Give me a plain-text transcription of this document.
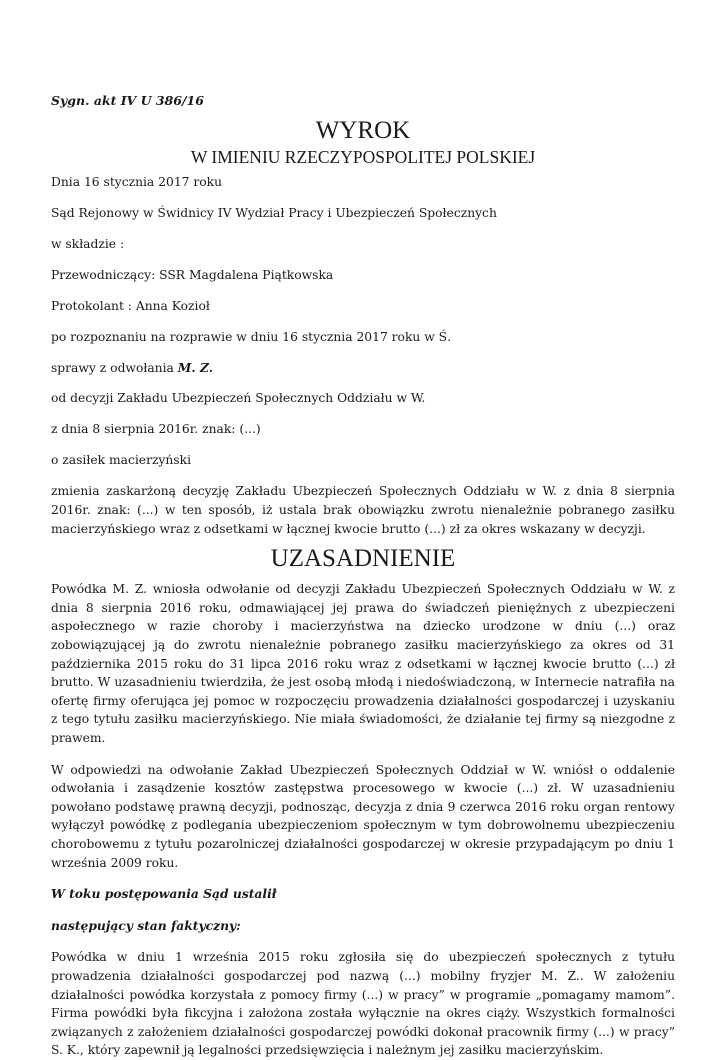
Sygn. akt IV U 386/16

WYROK

W IMIENIU RZECZYPOSPOLITEJ POLSKIEJ

Dnia 16 stycznia 2017 roku

Sąd Rejonowy w Świdnicy IV Wydział Pracy i Ubezpieczeń Społecznych

w składzie :

Przewodniczący: SSR Magdalena Piątkowska

Protokolant : Anna Kozioł

po rozpoznaniu na rozprawie w dniu 16 stycznia 2017 roku w Ś.

sprawy z odwołania M. Z.

od decyzji Zakładu Ubezpieczeń Społecznych Oddziału w W.

z dnia 8 sierpnia 2016r. znak: (...)

o zasiłek macierzyński

zmienia zaskarżoną decyzję Zakładu Ubezpieczeń Społecznych Oddziału w W. z dnia 8 sierpnia 2016r. znak: (...) w ten sposób, iż ustala brak obowiązku zwrotu nienależnie pobranego zasiłku macierzyńskiego wraz z odsetkami w łącznej kwocie brutto (...) zł za okres wskazany w decyzji.

UZASADNIENIE

Powódka M. Z. wniosła odwołanie od decyzji Zakładu Ubezpieczeń Społecznych Oddziału w W. z dnia 8 sierpnia 2016 roku, odmawiającej jej prawa do świadczeń pieniężnych z ubezpieczeni aspołecznego w razie choroby i macierzyństwa na dziecko urodzone w dniu (...) oraz zobowiązującej ją do zwrotu nienależnie pobranego zasiłku macierzyńskiego za okres od 31 października 2015 roku do 31 lipca 2016 roku wraz z odsetkami w łącznej kwocie brutto (...) zł brutto. W uzasadnieniu twierdziła, że jest osobą młodą i niedoświadczoną, w Internecie natrafiła na ofertę firmy oferująca jej pomoc w rozpoczęciu prowadzenia działalności gospodarczej i uzyskaniu z tego tytułu zasiłku macierzyńskiego. Nie miała świadomości, że działanie tej firmy są niezgodne z prawem.

W odpowiedzi na odwołanie Zakład Ubezpieczeń Społecznych Oddział w W. wniósł o oddalenie odwołania i zasądzenie kosztów zastępstwa procesowego w kwocie (...) zł. W uzasadnieniu powołano podstawę prawną decyzji, podnosząc, decyzja z dnia 9 czerwca 2016 roku organ rentowy wyłączył powódkę z podlegania ubezpieczeniom społecznym w tym dobrowolnemu ubezpieczeniu chorobowemu z tytułu pozarolniczej działalności gospodarczej w okresie przypadającym po dniu 1 września 2009 roku.

W toku postępowania Sąd ustalił

następujący stan faktyczny:

Powódka w dniu 1 września 2015 roku zgłosiła się do ubezpieczeń społecznych z tytułu prowadzenia działalności gospodarczej pod nazwą (...) mobilny fryzjer M. Z.. W założeniu działalności powódka korzystała z pomocy firmy (...) w pracy” w programie „pomagamy mamom”. Firma powódki była fikcyjna i założona została wyłącznie na okres ciąży. Wszystkich formalności związanych z założeniem działalności gospodarczej powódki dokonał pracownik firmy (...) w pracy” S. K., który zapewnił ją legalności przedsięwzięcia i należnym jej zasiłku macierzyńskim.
